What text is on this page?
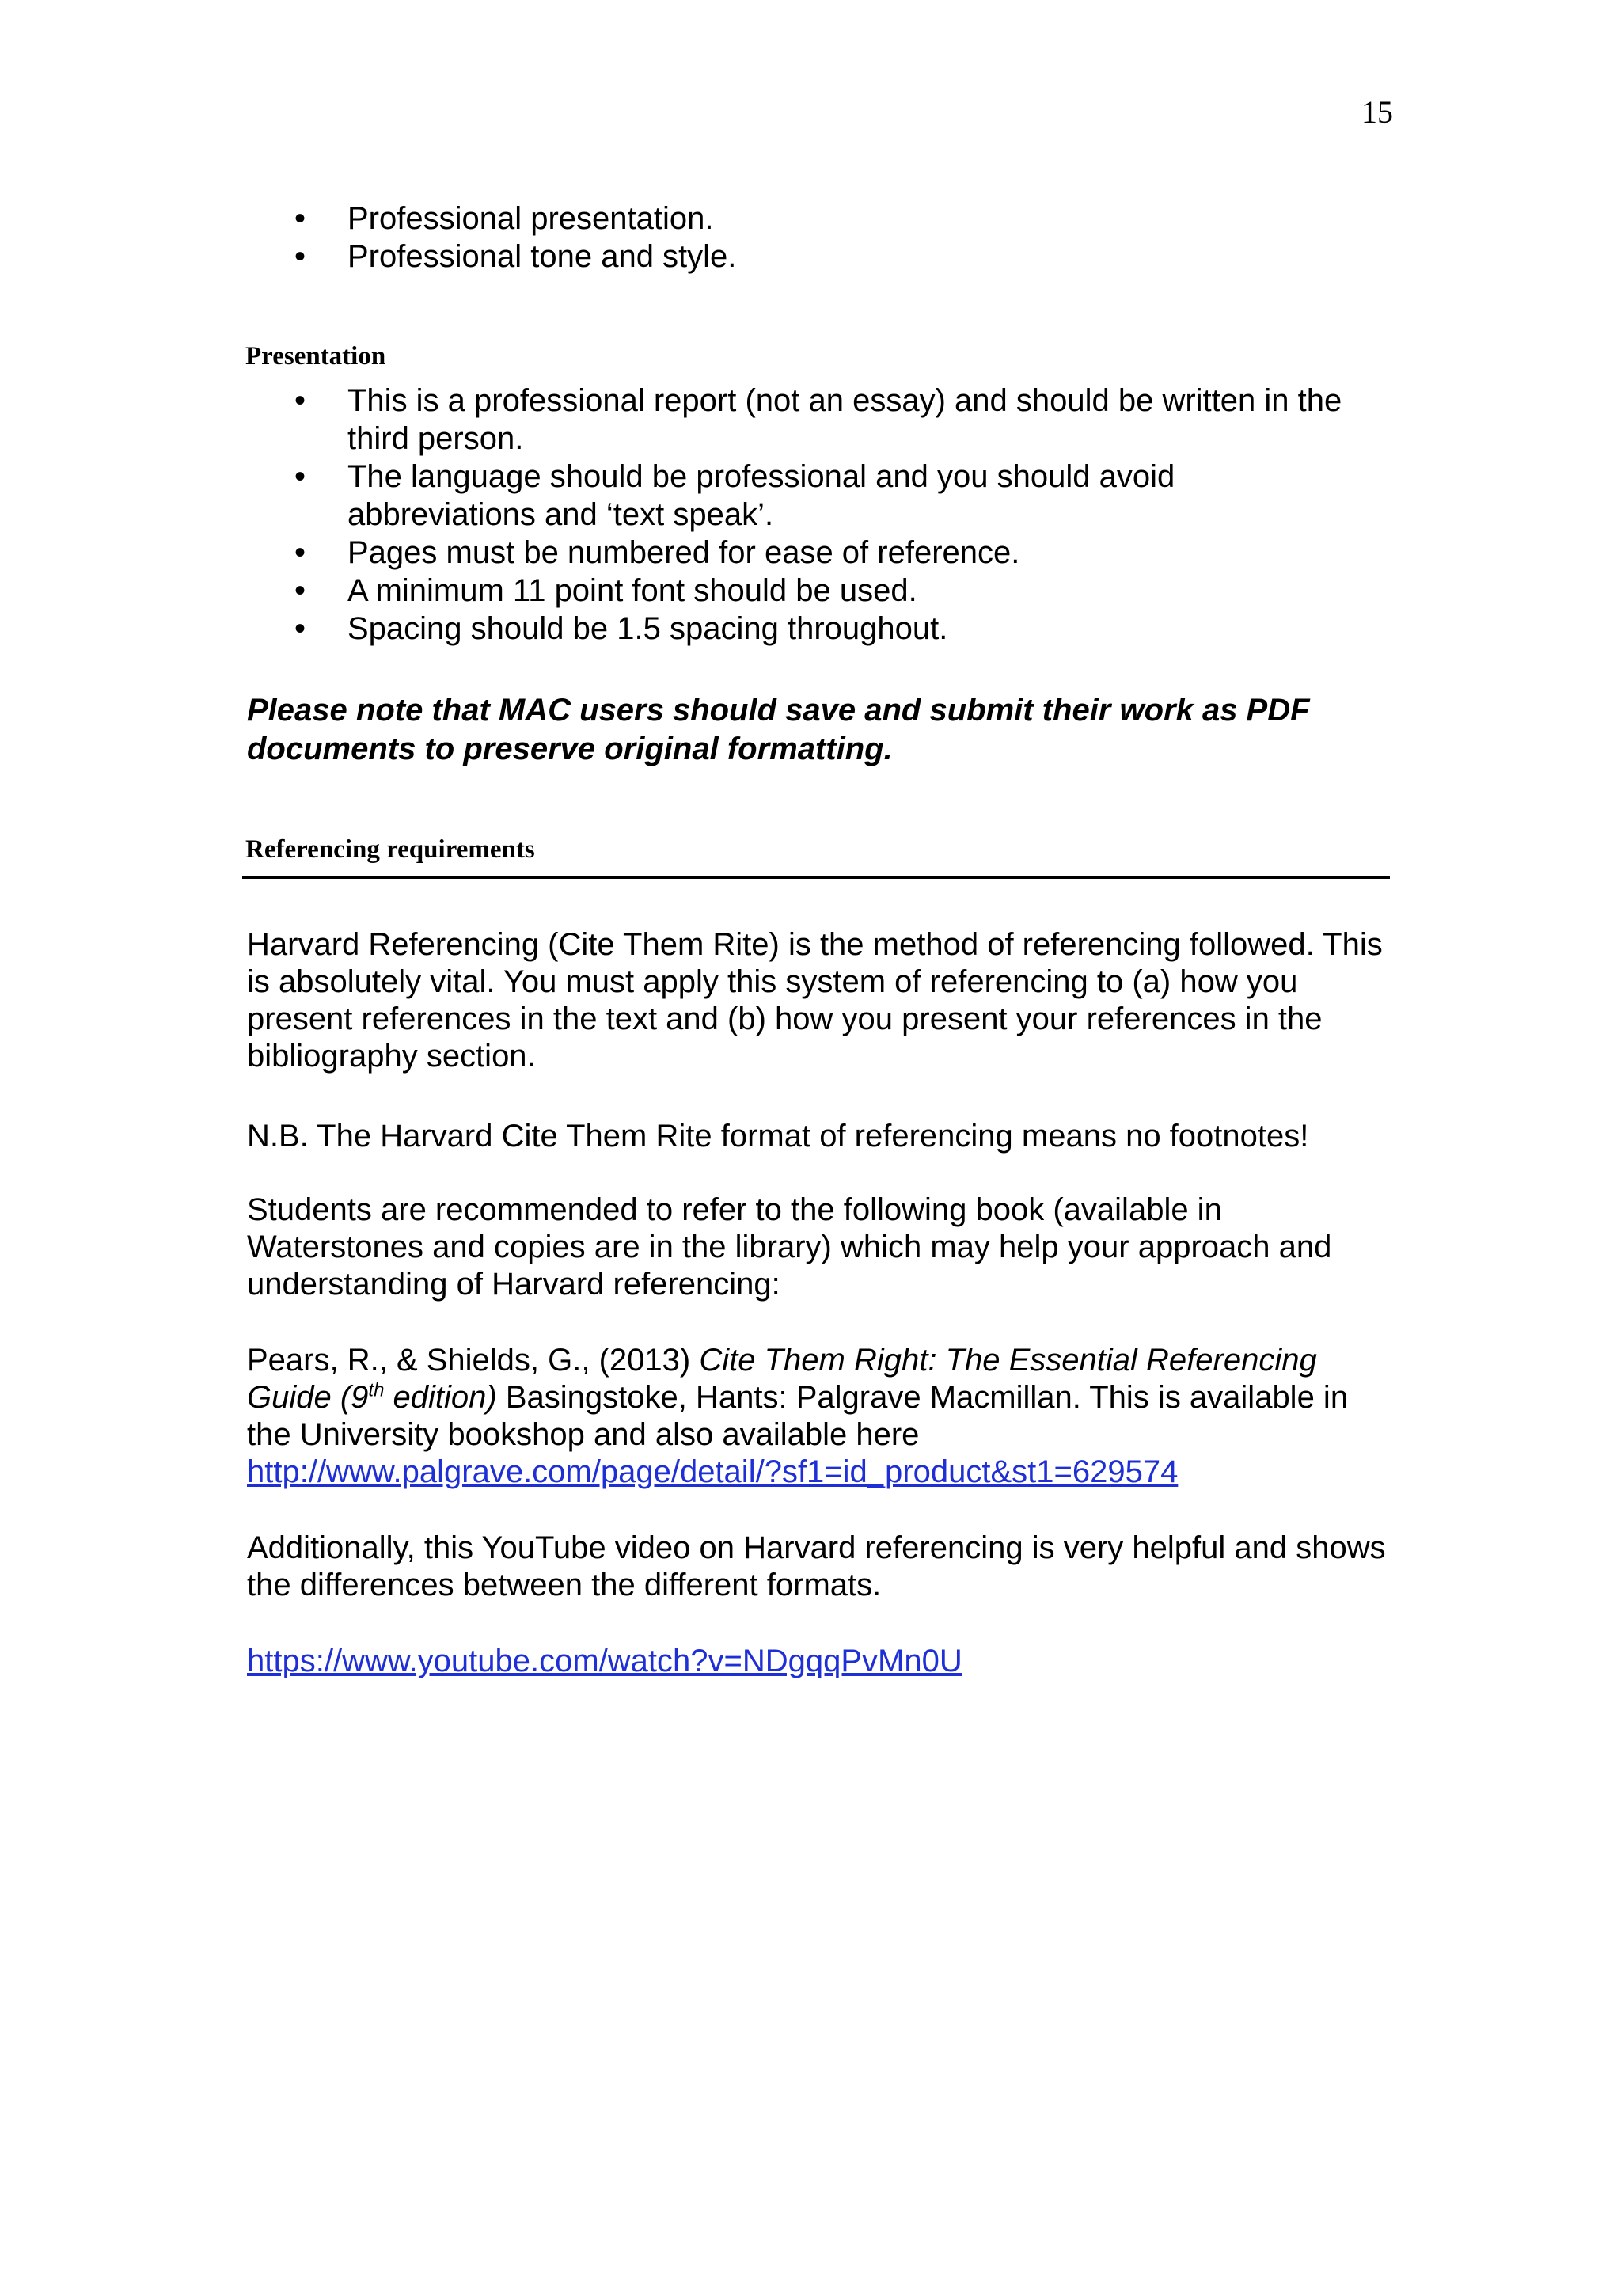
15
• Professional presentation.
• Professional tone and style.
Presentation
• This is a professional report (not an essay) and should be written in the third person.
• The language should be professional and you should avoid abbreviations and ‘text speak’.
• Pages must be numbered for ease of reference.
• A minimum 11 point font should be used.
• Spacing should be 1.5 spacing throughout.
Please note that MAC users should save and submit their work as PDF documents to preserve original formatting.
Referencing requirements
Harvard Referencing (Cite Them Rite) is the method of referencing followed. This is absolutely vital. You must apply this system of referencing to (a) how you present references in the text and (b) how you present your references in the bibliography section.
N.B. The Harvard Cite Them Rite format of referencing means no footnotes!
Students are recommended to refer to the following book (available in Waterstones and copies are in the library) which may help your approach and understanding of Harvard referencing:
Pears, R., & Shields, G., (2013) Cite Them Right: The Essential Referencing Guide (9th edition) Basingstoke, Hants: Palgrave Macmillan. This is available in the University bookshop and also available here
http://www.palgrave.com/page/detail/?sf1=id_product&st1=629574
Additionally, this YouTube video on Harvard referencing is very helpful and shows the differences between the different formats.
https://www.youtube.com/watch?v=NDgqqPvMn0U
